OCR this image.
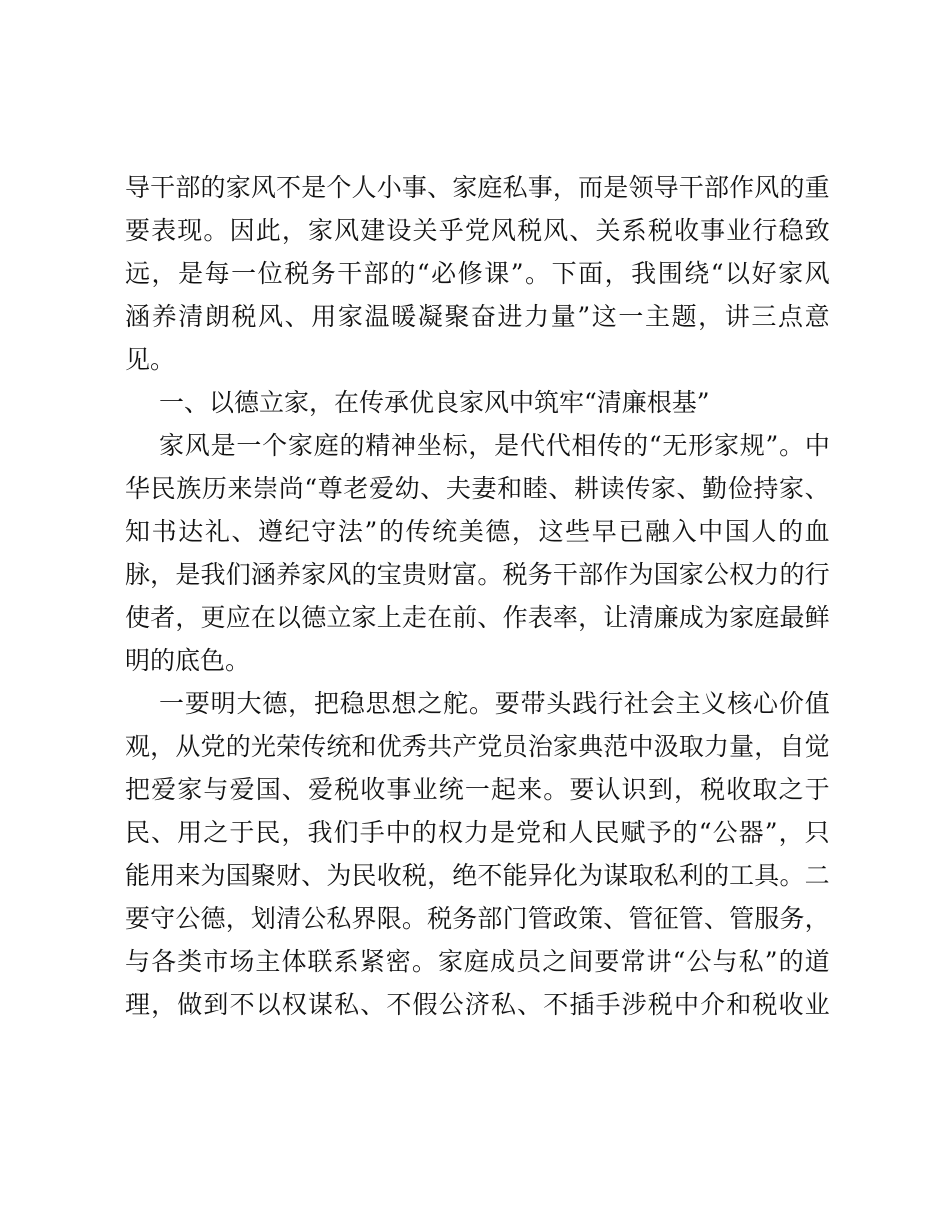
导 干 部 的 家 风 不 是 个 人 小 事 、 家 庭 私 事 ， 而 是 领 导 干 部 作 风 的 重
要 表 现 。 因 此 ， 家 风 建 设 关 乎 党 风 税 风 、 关 系 税 收 事 业 行 稳 致
远 ， 是 每 一 位 税 务 干 部 的 “ 必 修 课 ” 。 下 面 ， 我 围 绕 “ 以 好 家 风
涵 养 清 朗 税 风 、 用 家 温 暖 凝 聚 奋 进 力 量 ” 这 一 主 题 ， 讲 三 点 意
见。
一、以德立家，在传承优良家风中筑牢“清廉根基”
家 风 是 一 个 家 庭 的 精 神 坐 标 ， 是 代 代 相 传 的 “ 无 形 家 规 ” 。 中
华 民 族 历 来 崇 尚 “ 尊 老 爱 幼 、 夫 妻 和 睦 、 耕 读 传 家 、 勤 俭 持 家 、
知 书 达 礼 、 遵 纪 守 法 ” 的 传 统 美 德 ， 这 些 早 已 融 入 中 国 人 的 血
脉 ， 是 我 们 涵 养 家 风 的 宝 贵 财 富 。 税 务 干 部 作 为 国 家 公 权 力 的 行
使 者 ， 更 应 在 以 德 立 家 上 走 在 前 、 作 表 率 ， 让 清 廉 成 为 家 庭 最 鲜
明的底色。
一 要 明 大 德 ， 把 稳 思 想 之 舵 。 要 带 头 践 行 社 会 主 义 核 心 价 值
观 ， 从 党 的 光 荣 传 统 和 优 秀 共 产 党 员 治 家 典 范 中 汲 取 力 量 ， 自 觉
把 爱 家 与 爱 国 、 爱 税 收 事 业 统 一 起 来 。 要 认 识 到 ， 税 收 取 之 于
民 、 用 之 于 民 ， 我 们 手 中 的 权 力 是 党 和 人 民 赋 予 的 “ 公 器 ” ， 只
能 用 来 为 国 聚 财 、 为 民 收 税 ， 绝 不 能 异 化 为 谋 取 私 利 的 工 具 。 二
要 守 公 德 ， 划 清 公 私 界 限 。 税 务 部 门 管 政 策 、 管 征 管 、 管 服 务 ，
与 各 类 市 场 主 体 联 系 紧 密 。 家 庭 成 员 之 间 要 常 讲 “ 公 与 私 ” 的 道
理 ， 做 到 不 以 权 谋 私 、 不 假 公 济 私 、 不 插 手 涉 税 中 介 和 税 收 业
